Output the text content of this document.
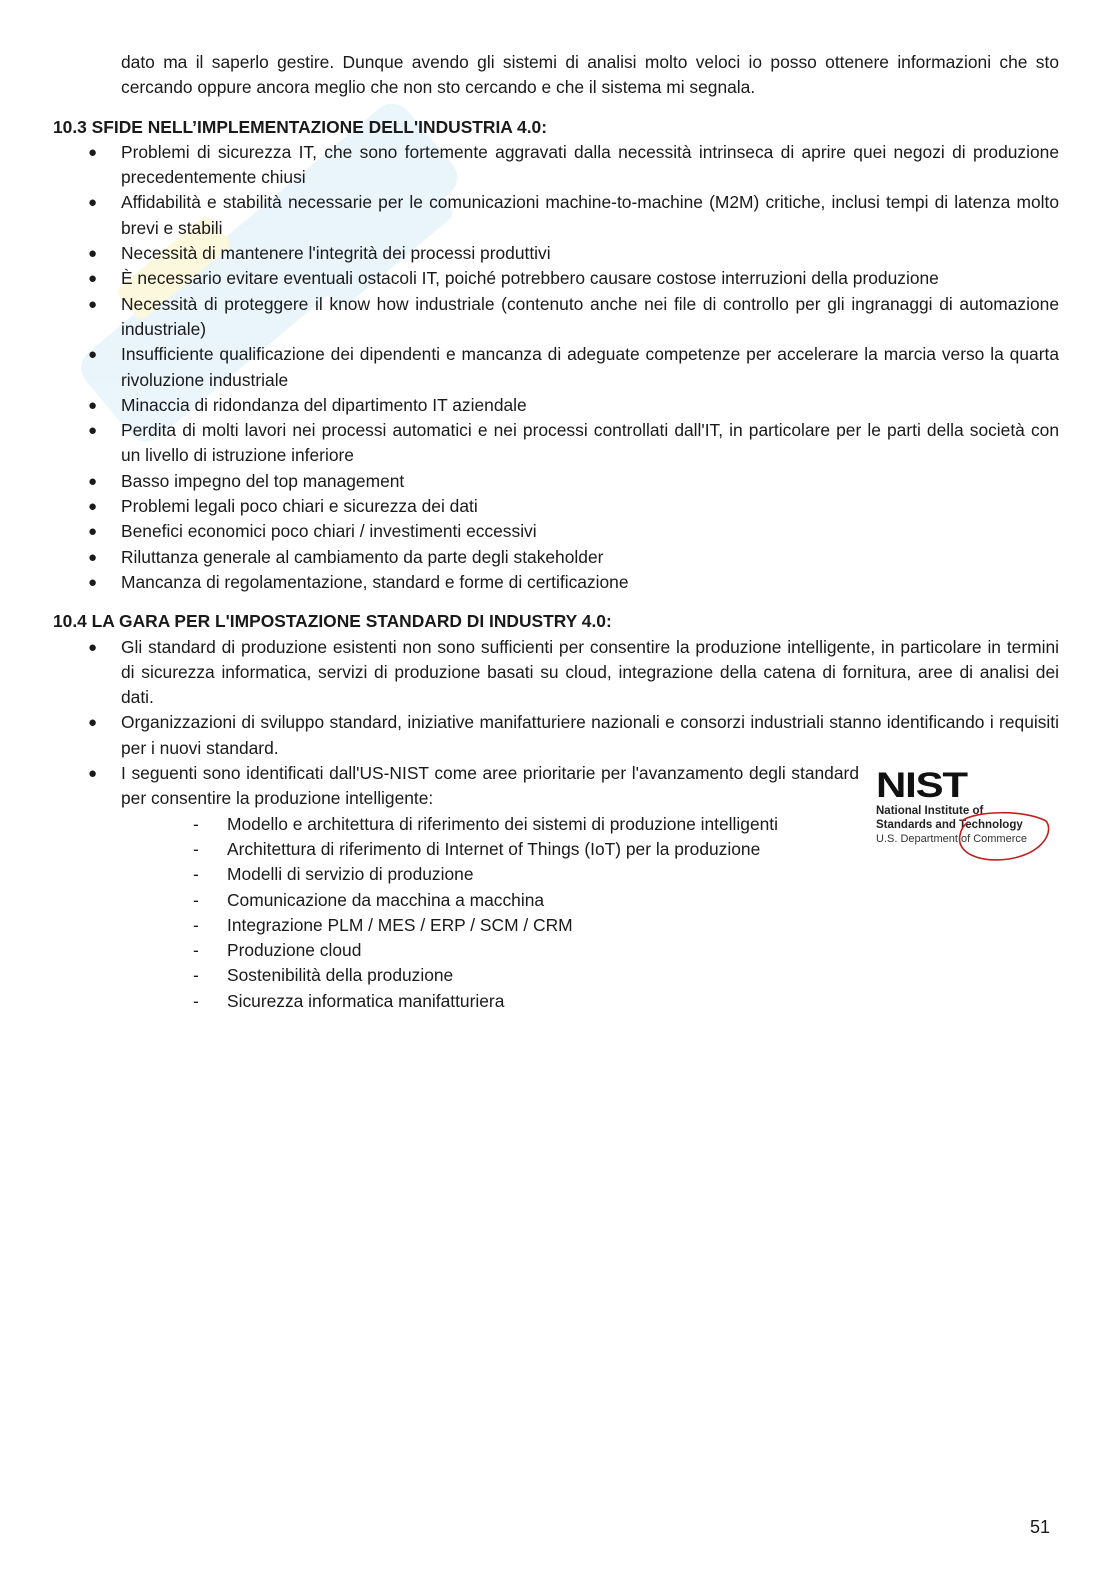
dato ma il saperlo gestire. Dunque avendo gli sistemi di analisi molto veloci io posso ottenere informazioni che sto cercando oppure ancora meglio che non sto cercando e che il sistema mi segnala.

10.3 SFIDE NELL’IMPLEMENTAZIONE DELL'INDUSTRIA 4.0:
● Problemi di sicurezza IT, che sono fortemente aggravati dalla necessità intrinseca di aprire quei negozi di produzione precedentemente chiusi
● Affidabilità e stabilità necessarie per le comunicazioni machine-to-machine (M2M) critiche, inclusi tempi di latenza molto brevi e stabili
● Necessità di mantenere l'integrità dei processi produttivi
● È necessario evitare eventuali ostacoli IT, poiché potrebbero causare costose interruzioni della produzione
● Necessità di proteggere il know how industriale (contenuto anche nei file di controllo per gli ingranaggi di automazione industriale)
● Insufficiente qualificazione dei dipendenti e mancanza di adeguate competenze per accelerare la marcia verso la quarta rivoluzione industriale
● Minaccia di ridondanza del dipartimento IT aziendale
● Perdita di molti lavori nei processi automatici e nei processi controllati dall'IT, in particolare per le parti della società con un livello di istruzione inferiore
● Basso impegno del top management
● Problemi legali poco chiari e sicurezza dei dati
● Benefici economici poco chiari / investimenti eccessivi
● Riluttanza generale al cambiamento da parte degli stakeholder
● Mancanza di regolamentazione, standard e forme di certificazione
10.4 LA GARA PER L'IMPOSTAZIONE STANDARD DI INDUSTRY 4.0:
● Gli standard di produzione esistenti non sono sufficienti per consentire la produzione intelligente, in particolare in termini di sicurezza informatica, servizi di produzione basati su cloud, integrazione della catena di fornitura, aree di analisi dei dati.
● Organizzazioni di sviluppo standard, iniziative manifatturiere nazionali e consorzi industriali stanno identificando i requisiti per i nuovi standard.
● I seguenti sono identificati dall'US-NIST come aree prioritarie per l'avanzamento degli standard per consentire la produzione intelligente:
- Modello e architettura di riferimento dei sistemi di produzione intelligenti
- Architettura di riferimento di Internet of Things (IoT) per la produzione
- Modelli di servizio di produzione
- Comunicazione da macchina a macchina
- Integrazione PLM / MES / ERP / SCM / CRM
- Produzione cloud
- Sostenibilità della produzione
- Sicurezza informatica manifatturiera
NIST
National Institute of
Standards and Technology
U.S. Department of Commerce
51
